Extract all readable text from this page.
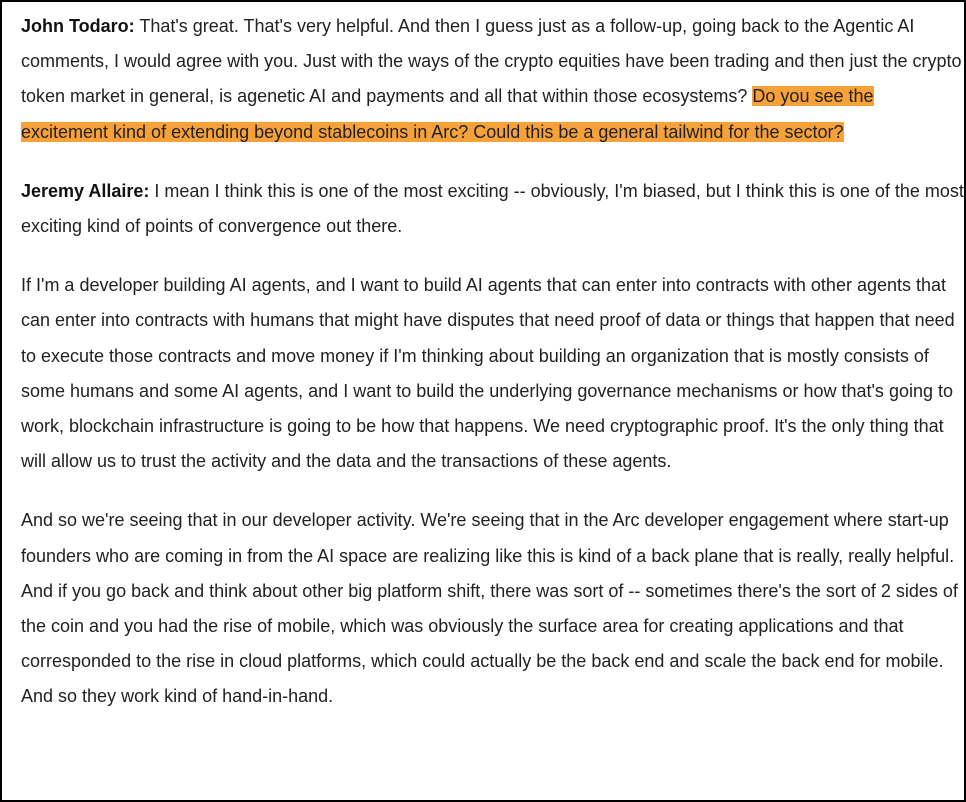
John Todaro: That's great. That's very helpful. And then I guess just as a follow-up, going back to the Agentic AI comments, I would agree with you. Just with the ways of the crypto equities have been trading and then just the crypto token market in general, is agenetic AI and payments and all that within those ecosystems? Do you see the excitement kind of extending beyond stablecoins in Arc? Could this be a general tailwind for the sector?

Jeremy Allaire: I mean I think this is one of the most exciting -- obviously, I'm biased, but I think this is one of the most exciting kind of points of convergence out there.

If I'm a developer building AI agents, and I want to build AI agents that can enter into contracts with other agents that can enter into contracts with humans that might have disputes that need proof of data or things that happen that need to execute those contracts and move money if I'm thinking about building an organization that is mostly consists of some humans and some AI agents, and I want to build the underlying governance mechanisms or how that's going to work, blockchain infrastructure is going to be how that happens. We need cryptographic proof. It's the only thing that will allow us to trust the activity and the data and the transactions of these agents.

And so we're seeing that in our developer activity. We're seeing that in the Arc developer engagement where start-up founders who are coming in from the AI space are realizing like this is kind of a back plane that is really, really helpful. And if you go back and think about other big platform shift, there was sort of -- sometimes there's the sort of 2 sides of the coin and you had the rise of mobile, which was obviously the surface area for creating applications and that corresponded to the rise in cloud platforms, which could actually be the back end and scale the back end for mobile. And so they work kind of hand-in-hand.
